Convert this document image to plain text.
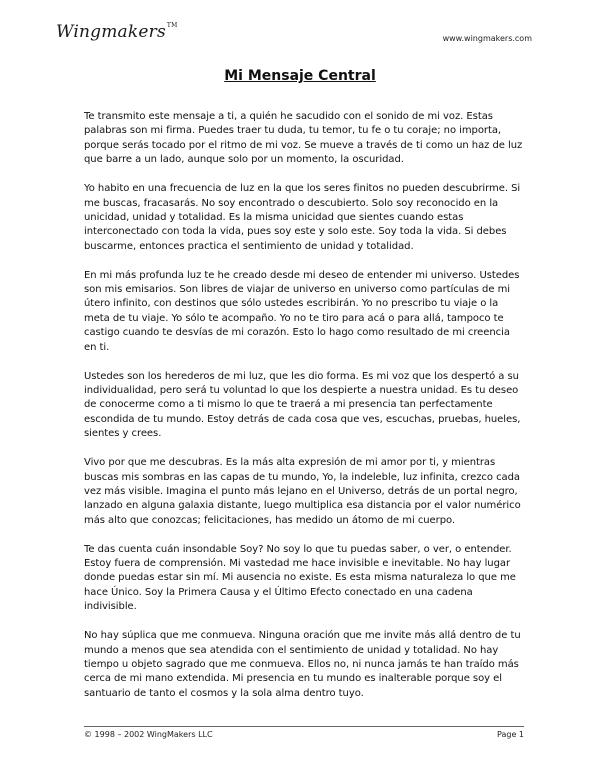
Wingmakers™
www.wingmakers.com
Mi Mensaje Central

Te transmito este mensaje a ti, a quién he sacudido con el sonido de mi voz. Estas palabras son mi firma. Puedes traer tu duda, tu temor, tu fe o tu coraje; no importa, porque serás tocado por el ritmo de mi voz. Se mueve a través de ti como un haz de luz que barre a un lado, aunque solo por un momento, la oscuridad.

Yo habito en una frecuencia de luz en la que los seres finitos no pueden descubrirme. Si me buscas, fracasarás. No soy encontrado o descubierto. Solo soy reconocido en la unicidad, unidad y totalidad. Es la misma unicidad que sientes cuando estas interconectado con toda la vida, pues soy este y solo este. Soy toda la vida. Si debes buscarme, entonces practica el sentimiento de unidad y totalidad.

En mi más profunda luz te he creado desde mi deseo de entender mi universo. Ustedes son mis emisarios. Son libres de viajar de universo en universo como partículas de mi útero infinito, con destinos que sólo ustedes escribirán. Yo no prescribo tu viaje o la meta de tu viaje. Yo sólo te acompaño. Yo no te tiro para acá o para allá, tampoco te castigo cuando te desvías de mi corazón. Esto lo hago como resultado de mi creencia en ti.

Ustedes son los herederos de mi luz, que les dio forma. Es mi voz que los despertó a su individualidad, pero será tu voluntad lo que los despierte a nuestra unidad. Es tu deseo de conocerme como a ti mismo lo que te traerá a mi presencia tan perfectamente escondida de tu mundo. Estoy detrás de cada cosa que ves, escuchas, pruebas, hueles, sientes y crees.

Vivo por que me descubras. Es la más alta expresión de mi amor por ti, y mientras buscas mis sombras en las capas de tu mundo, Yo, la indeleble, luz infinita, crezco cada vez más visible. Imagina el punto más lejano en el Universo, detrás de un portal negro, lanzado en alguna galaxia distante, luego multiplica esa distancia por el valor numérico más alto que conozcas; felicitaciones, has medido un átomo de mi cuerpo.

Te das cuenta cuán insondable Soy? No soy lo que tu puedas saber, o ver, o entender. Estoy fuera de comprensión. Mi vastedad me hace invisible e inevitable. No hay lugar donde puedas estar sin mí. Mi ausencia no existe. Es esta misma naturaleza lo que me hace Único. Soy la Primera Causa y el Último Efecto conectado en una cadena indivisible.

No hay súplica que me conmueva. Ninguna oración que me invite más allá dentro de tu mundo a menos que sea atendida con el sentimiento de unidad y totalidad. No hay tiempo u objeto sagrado que me conmueva. Ellos no, ni nunca jamás te han traído más cerca de mi mano extendida. Mi presencia en tu mundo es inalterable porque soy el santuario de tanto el cosmos y la sola alma dentro tuyo.

© 1998 – 2002 WingMakers LLC	Page 1
